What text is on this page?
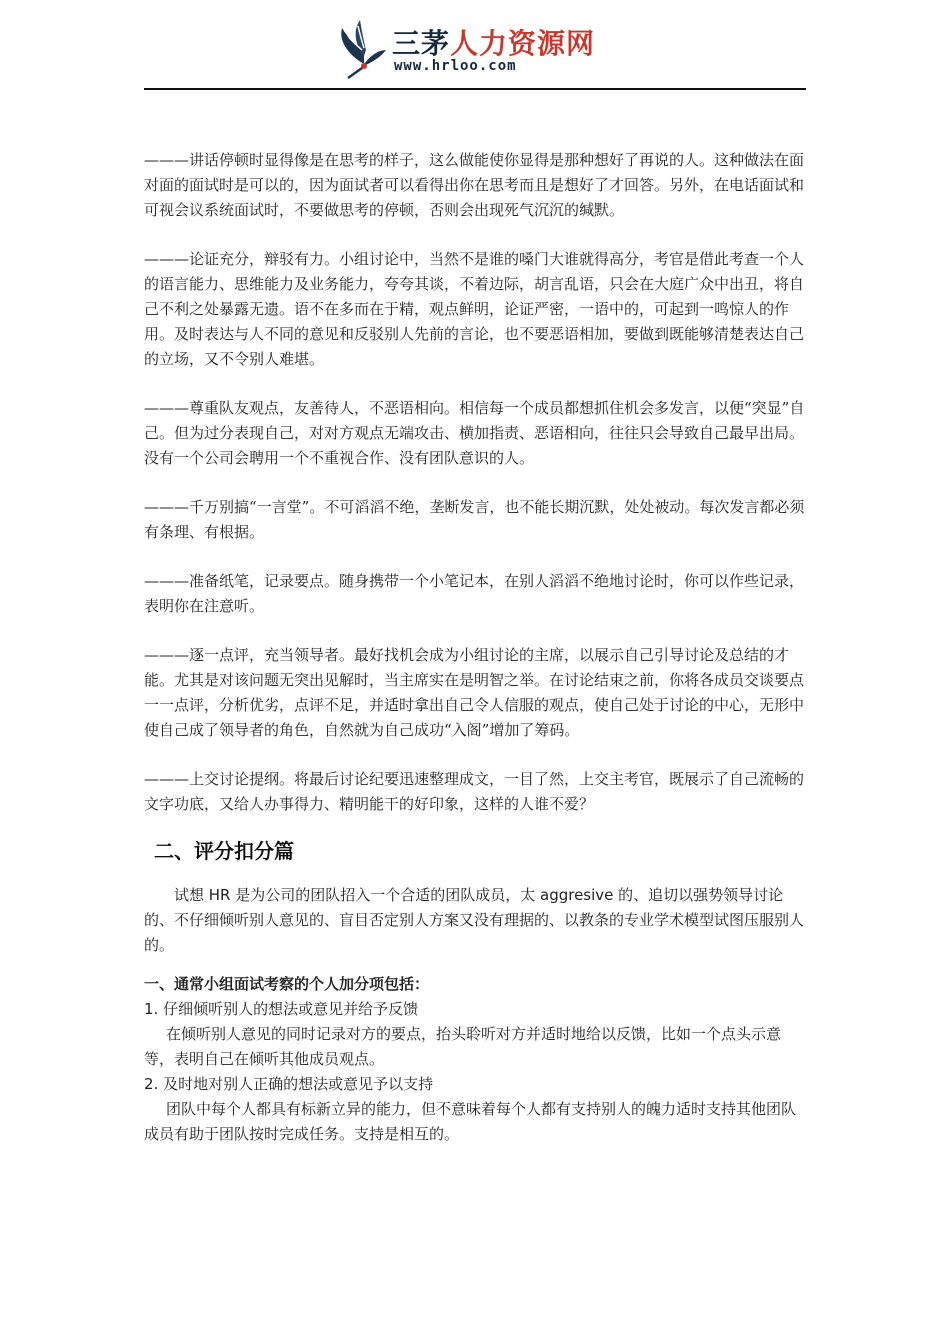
三茅人力资源网
www.hrloo.com

———讲话停顿时显得像是在思考的样子，这么做能使你显得是那种想好了再说的人。这种做法在面对面的面试时是可以的，因为面试者可以看得出你在思考而且是想好了才回答。另外，在电话面试和可视会议系统面试时，不要做思考的停顿，否则会出现死气沉沉的缄默。

———论证充分，辩驳有力。小组讨论中，当然不是谁的嗓门大谁就得高分，考官是借此考查一个人的语言能力、思维能力及业务能力，夸夸其谈，不着边际，胡言乱语，只会在大庭广众中出丑，将自己不利之处暴露无遗。语不在多而在于精，观点鲜明，论证严密，一语中的，可起到一鸣惊人的作用。及时表达与人不同的意见和反驳别人先前的言论，也不要恶语相加，要做到既能够清楚表达自己的立场，又不令别人难堪。

———尊重队友观点，友善待人，不恶语相向。相信每一个成员都想抓住机会多发言，以便“突显”自己。但为过分表现自己，对对方观点无端攻击、横加指责、恶语相向，往往只会导致自己最早出局。没有一个公司会聘用一个不重视合作、没有团队意识的人。

———千万别搞“一言堂”。不可滔滔不绝，垄断发言，也不能长期沉默，处处被动。每次发言都必须有条理、有根据。

———准备纸笔，记录要点。随身携带一个小笔记本，在别人滔滔不绝地讨论时，你可以作些记录，表明你在注意听。

———逐一点评，充当领导者。最好找机会成为小组讨论的主席，以展示自己引导讨论及总结的才能。尤其是对该问题无突出见解时，当主席实在是明智之举。在讨论结束之前，你将各成员交谈要点一一点评，分析优劣，点评不足，并适时拿出自己令人信服的观点，使自己处于讨论的中心，无形中使自己成了领导者的角色，自然就为自己成功“入阁”增加了筹码。

———上交讨论提纲。将最后讨论纪要迅速整理成文，一目了然，上交主考官，既展示了自己流畅的文字功底，又给人办事得力、精明能干的好印象，这样的人谁不爱？

二、评分扣分篇

试想 HR 是为公司的团队招入一个合适的团队成员，太 aggresive 的、追切以强势领导讨论的、不仔细倾听别人意见的、盲目否定别人方案又没有理据的、以教条的专业学术模型试图压服别人的。

一、通常小组面试考察的个人加分项包括：

1. 仔细倾听别人的想法或意见并给予反馈

在倾听别人意见的同时记录对方的要点，抬头聆听对方并适时地给以反馈，比如一个点头示意等，表明自己在倾听其他成员观点。

2. 及时地对别人正确的想法或意见予以支持

团队中每个人都具有标新立异的能力，但不意味着每个人都有支持别人的魄力适时支持其他团队成员有助于团队按时完成任务。支持是相互的。
